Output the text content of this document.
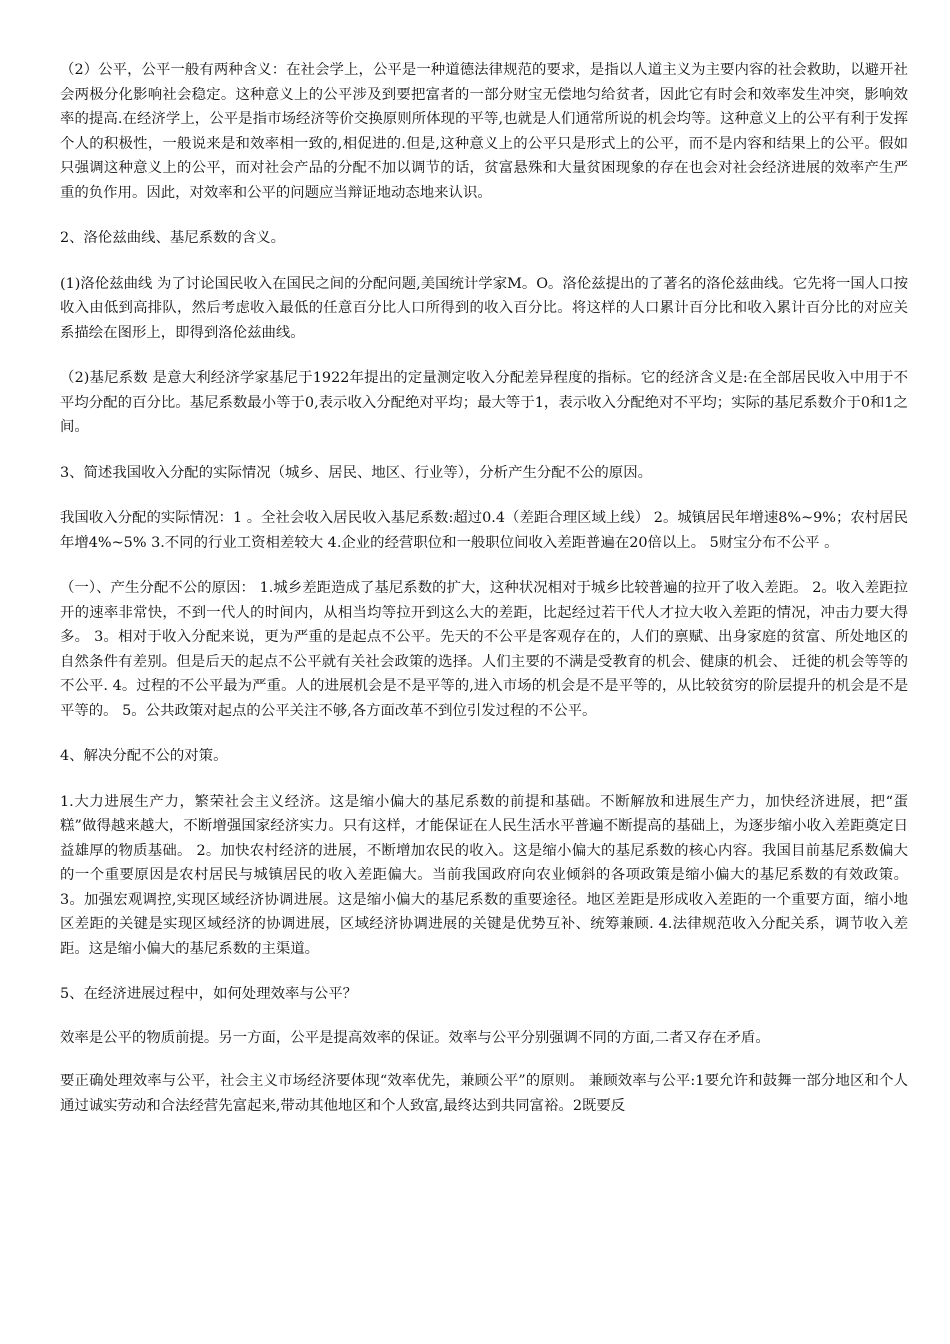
（2）公平，公平一般有两种含义：在社会学上，公平是一种道德法律规范的要求，是指以人道主义为主要内容的社会救助，以避开社会两极分化影响社会稳定。这种意义上的公平涉及到要把富者的一部分财宝无偿地匀给贫者，因此它有时会和效率发生冲突，影响效率的提高.在经济学上，公平是指市场经济等价交换原则所体现的平等,也就是人们通常所说的机会均等。这种意义上的公平有利于发挥个人的积极性，一般说来是和效率相一致的,相促进的.但是,这种意义上的公平只是形式上的公平，而不是内容和结果上的公平。假如只强调这种意义上的公平，而对社会产品的分配不加以调节的话，贫富悬殊和大量贫困现象的存在也会对社会经济进展的效率产生严重的负作用。因此，对效率和公平的问题应当辩证地动态地来认识。

2、洛伦兹曲线、基尼系数的含义。

(1)洛伦兹曲线 为了讨论国民收入在国民之间的分配问题,美国统计学家M。O。洛伦兹提出的了著名的洛伦兹曲线。它先将一国人口按收入由低到高排队，然后考虑收入最低的任意百分比人口所得到的收入百分比。将这样的人口累计百分比和收入累计百分比的对应关系描绘在图形上，即得到洛伦兹曲线。

（2)基尼系数 是意大利经济学家基尼于1922年提出的定量测定收入分配差异程度的指标。它的经济含义是:在全部居民收入中用于不平均分配的百分比。基尼系数最小等于0,表示收入分配绝对平均；最大等于1，表示收入分配绝对不平均；实际的基尼系数介于0和1之间。

3、简述我国收入分配的实际情况（城乡、居民、地区、行业等），分析产生分配不公的原因。

我国收入分配的实际情况：1 。全社会收入居民收入基尼系数:超过0.4（差距合理区域上线） 2。城镇居民年增速8%~9%；农村居民年增4%~5% 3.不同的行业工资相差较大 4.企业的经营职位和一般职位间收入差距普遍在20倍以上。 5财宝分布不公平 。

（一）、产生分配不公的原因： 1.城乡差距造成了基尼系数的扩大，这种状况相对于城乡比较普遍的拉开了收入差距。 2。收入差距拉开的速率非常快，不到一代人的时间内，从相当均等拉开到这么大的差距，比起经过若干代人才拉大收入差距的情况，冲击力要大得多。 3。相对于收入分配来说，更为严重的是起点不公平。先天的不公平是客观存在的，人们的禀赋、出身家庭的贫富、所处地区的自然条件有差别。但是后天的起点不公平就有关社会政策的选择。人们主要的不满是受教育的机会、健康的机会、 迁徙的机会等等的不公平. 4。过程的不公平最为严重。人的进展机会是不是平等的,进入市场的机会是不是平等的，从比较贫穷的阶层提升的机会是不是平等的。 5。公共政策对起点的公平关注不够,各方面改革不到位引发过程的不公平。

4、解决分配不公的对策。

1.大力进展生产力，繁荣社会主义经济。这是缩小偏大的基尼系数的前提和基础。不断解放和进展生产力，加快经济进展，把“蛋糕”做得越来越大，不断增强国家经济实力。只有这样，才能保证在人民生活水平普遍不断提高的基础上，为逐步缩小收入差距奠定日益雄厚的物质基础。 2。加快农村经济的进展，不断增加农民的收入。这是缩小偏大的基尼系数的核心内容。我国目前基尼系数偏大的一个重要原因是农村居民与城镇居民的收入差距偏大。当前我国政府向农业倾斜的各项政策是缩小偏大的基尼系数的有效政策。 3。加强宏观调控,实现区域经济协调进展。这是缩小偏大的基尼系数的重要途径。地区差距是形成收入差距的一个重要方面，缩小地区差距的关键是实现区域经济的协调进展，区域经济协调进展的关键是优势互补、统筹兼顾. 4.法律规范收入分配关系，调节收入差距。这是缩小偏大的基尼系数的主渠道。

5、在经济进展过程中，如何处理效率与公平？

效率是公平的物质前提。另一方面，公平是提高效率的保证。效率与公平分别强调不同的方面,二者又存在矛盾。

要正确处理效率与公平，社会主义市场经济要体现“效率优先，兼顾公平”的原则。 兼顾效率与公平:1要允许和鼓舞一部分地区和个人通过诚实劳动和合法经营先富起来,带动其他地区和个人致富,最终达到共同富裕。2既要反
